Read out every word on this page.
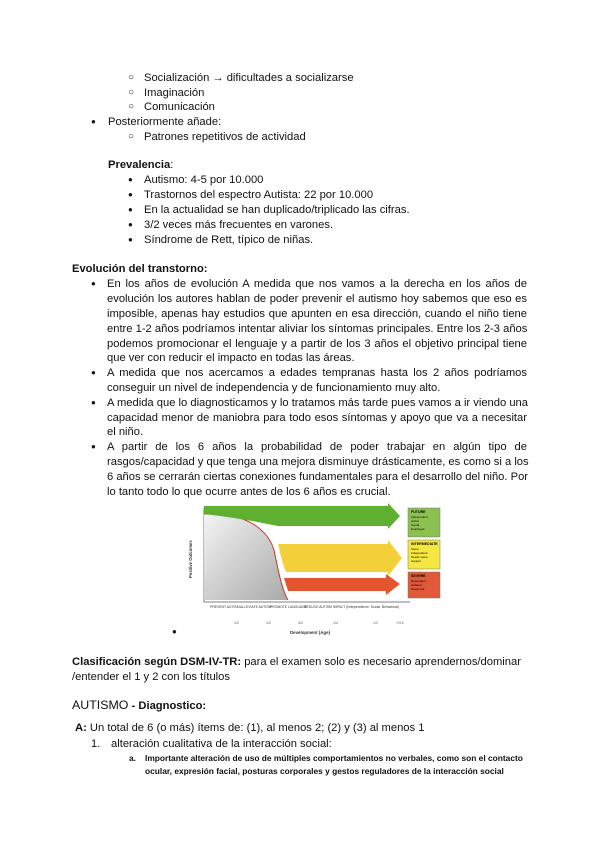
○ Socialización → dificultades a socializarse
○ Imaginación
○ Comunicación
● Posteriormente añade:
○ Patrones repetitivos de actividad
Prevalencia:
● Autismo: 4-5 por 10.000
● Trastornos del espectro Autista: 22 por 10.000
● En la actualidad se han duplicado/triplicado las cifras.
● 3/2 veces más frecuentes en varones.
● Síndrome de Rett, típico de niñas.
Evolución del transtorno:
● En los años de evolución A medida que nos vamos a la derecha en los años de
evolución los autores hablan de poder prevenir el autismo hoy sabemos que eso es
imposible, apenas hay estudios que apunten en esa dirección, cuando el niño tiene
entre 1-2 años podríamos intentar aliviar los síntomas principales. Entre los 2-3 años
podemos promocionar el lenguaje y a partir de los 3 años el objetivo principal tiene
que ver con reducir el impacto en todas las áreas.
● A medida que nos acercamos a edades tempranas hasta los 2 años podríamos
conseguir un nivel de independencia y de funcionamiento muy alto.
● A medida que lo diagnosticamos y lo tratamos más tarde pues vamos a ir viendo una
capacidad menor de maniobra para todo esos síntomas y apoyo que va a necesitar
el niño.
● A partir de los 6 años la probabilidad de poder trabajar en algún tipo de
rasgos/capacidad y que tenga una mejora disminuye drásticamente, es como si a los
6 años se cerrarán ciertas conexiones fundamentales para el desarrollo del niño. Por
lo tanto todo lo que ocurre antes de los 6 años es crucial.
FUTURE
Independent
Active
Social
Employed
INTERMEDIATE
Some
independent
Needs some
support
SEVERE
Dependent
Isolated
Needs full
Positive Outcomes
PREVENT AUTISM ALLEVIATE AUTISM
PROMOTE LANGUAGE
REDUCE AUTISM IMPACT (Independence, Social, Behavioral)
1/2	1/2	3/4	1/4	1/2	7/4 5
Development (Age)
●
Clasificación según DSM-IV-TR: para el examen solo es necesario aprendernos/dominar
/entender el 1 y 2 con los títulos
AUTISMO - Diagnostico:
A: Un total de 6 (o más) ítems de: (1), al menos 2; (2) y (3) al menos 1
1. alteración cualitativa de la interacción social:
a. Importante alteración de uso de múltiples comportamientos no verbales, como son el contacto
ocular, expresión facial, posturas corporales y gestos reguladores de la interacción social
